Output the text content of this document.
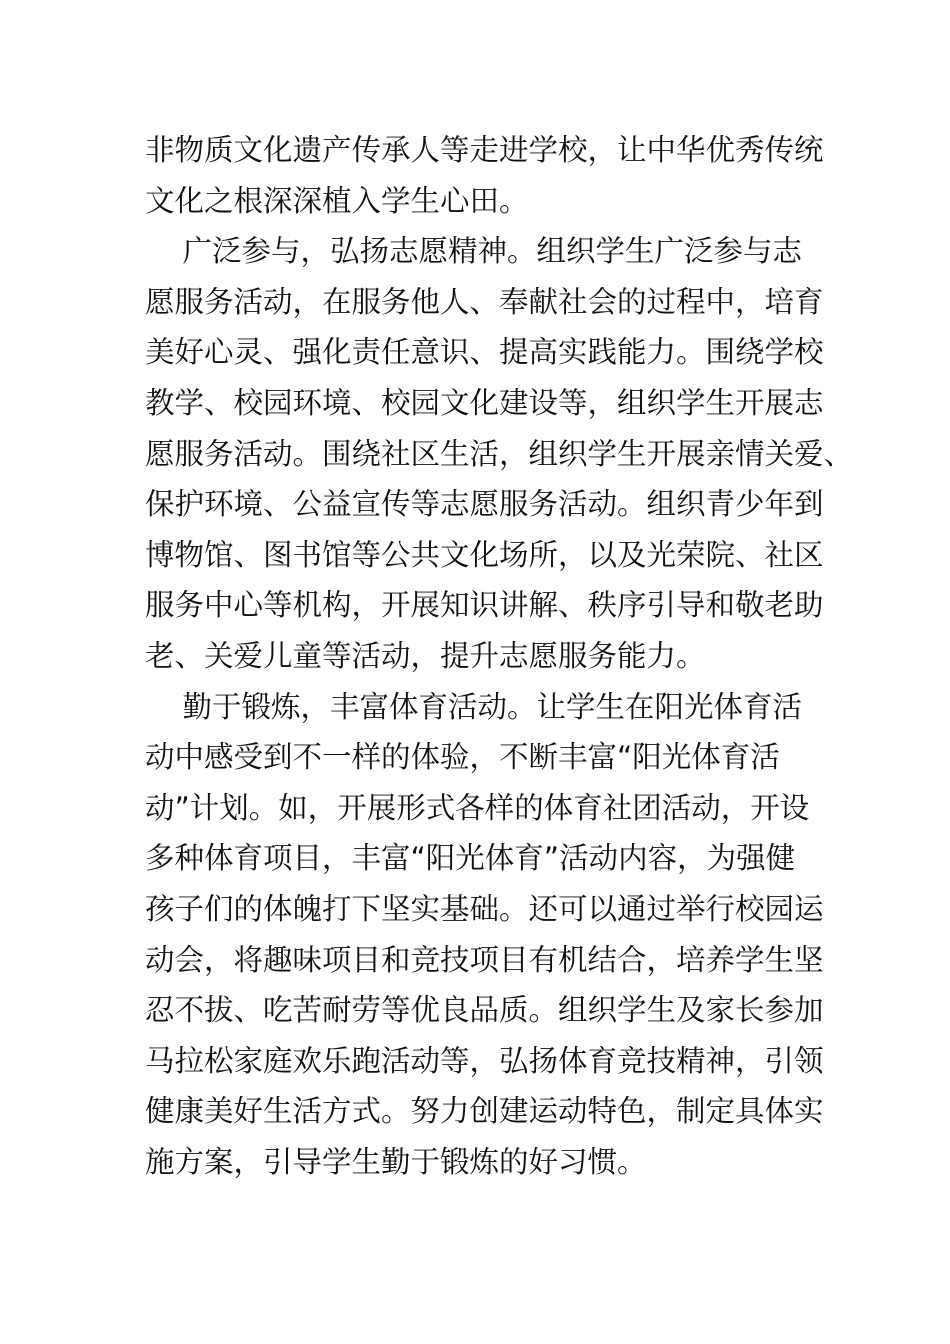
非物质文化遗产传承人等走进学校，让中华优秀传统
文化之根深深植入学生心田。
广泛参与，弘扬志愿精神。组织学生广泛参与志
愿服务活动，在服务他人、奉献社会的过程中，培育
美好心灵、强化责任意识、提高实践能力。围绕学校
教学、校园环境、校园文化建设等，组织学生开展志
愿服务活动。围绕社区生活，组织学生开展亲情关爱、
保护环境、公益宣传等志愿服务活动。组织青少年到
博物馆、图书馆等公共文化场所，以及光荣院、社区
服务中心等机构，开展知识讲解、秩序引导和敬老助
老、关爱儿童等活动，提升志愿服务能力。
勤于锻炼，丰富体育活动。让学生在阳光体育活
动中感受到不一样的体验，不断丰富“阳光体育活
动”计划。如，开展形式各样的体育社团活动，开设
多种体育项目，丰富“阳光体育”活动内容，为强健
孩子们的体魄打下坚实基础。还可以通过举行校园运
动会，将趣味项目和竞技项目有机结合，培养学生坚
忍不拔、吃苦耐劳等优良品质。组织学生及家长参加
马拉松家庭欢乐跑活动等，弘扬体育竞技精神，引领
健康美好生活方式。努力创建运动特色，制定具体实
施方案，引导学生勤于锻炼的好习惯。
